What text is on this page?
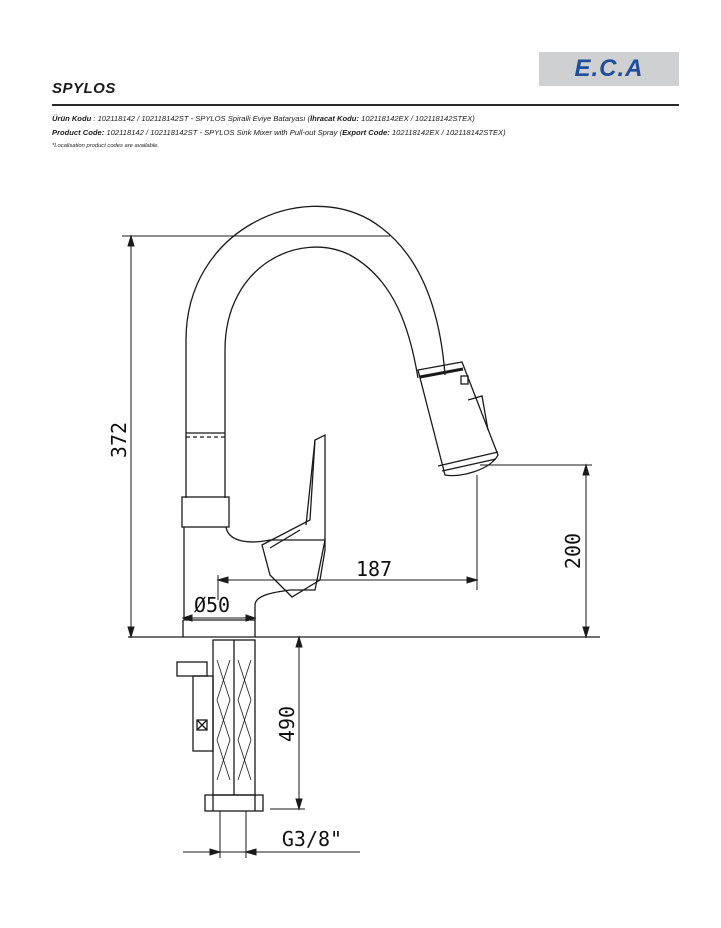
E.C.A
SPYLOS
Ürün Kodu : 102118142 / 102118142ST - SPYLOS Spiralli Eviye Bataryası (İhracat Kodu: 102118142EX / 102118142STEX)
Product Code: 102118142 / 102118142ST - SPYLOS Sink Mixer with Pull-out Spray (Export Code: 102118142EX / 102118142STEX)
*Localisation product codes are available.
372
187	200
Ø50
490
G3/8"
